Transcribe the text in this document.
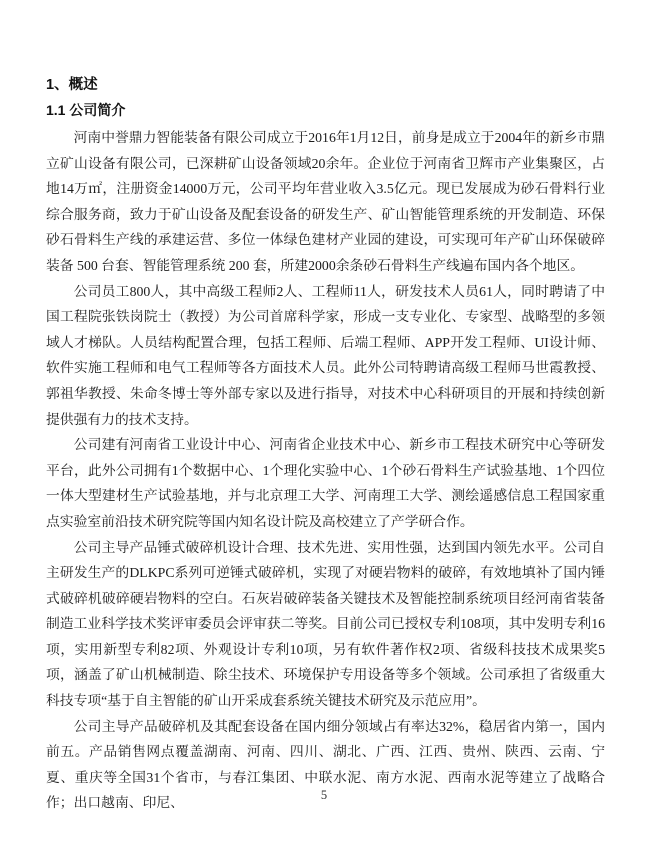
1、概述
1.1 公司简介

河南中誉鼎力智能装备有限公司成立于2016年1月12日，前身是成立于2004年的新乡市鼎立矿山设备有限公司，已深耕矿山设备领域20余年。企业位于河南省卫辉市产业集聚区，占地14万㎡，注册资金14000万元，公司平均年营业收入3.5亿元。现已发展成为砂石骨料行业综合服务商，致力于矿山设备及配套设备的研发生产、矿山智能管理系统的开发制造、环保砂石骨料生产线的承建运营、多位一体绿色建材产业园的建设，可实现可年产矿山环保破碎装备 500 台套、智能管理系统 200 套，所建2000余条砂石骨料生产线遍布国内各个地区。

公司员工800人，其中高级工程师2人、工程师11人，研发技术人员61人，同时聘请了中国工程院张铁岗院士（教授）为公司首席科学家，形成一支专业化、专家型、战略型的多领域人才梯队。人员结构配置合理，包括工程师、后端工程师、APP开发工程师、UI设计师、软件实施工程师和电气工程师等各方面技术人员。此外公司特聘请高级工程师马世霞教授、郭祖华教授、朱命冬博士等外部专家以及进行指导，对技术中心科研项目的开展和持续创新提供强有力的技术支持。

公司建有河南省工业设计中心、河南省企业技术中心、新乡市工程技术研究中心等研发平台，此外公司拥有1个数据中心、1个理化实验中心、1个砂石骨料生产试验基地、1个四位一体大型建材生产试验基地，并与北京理工大学、河南理工大学、测绘遥感信息工程国家重点实验室前沿技术研究院等国内知名设计院及高校建立了产学研合作。

公司主导产品锤式破碎机设计合理、技术先进、实用性强，达到国内领先水平。公司自主研发生产的DLKPC系列可逆锤式破碎机，实现了对硬岩物料的破碎，有效地填补了国内锤式破碎机破碎硬岩物料的空白。石灰岩破碎装备关键技术及智能控制系统项目经河南省装备制造工业科学技术奖评审委员会评审获二等奖。目前公司已授权专利108项，其中发明专利16项，实用新型专利82项、外观设计专利10项，另有软件著作权2项、省级科技技术成果奖5项，涵盖了矿山机械制造、除尘技术、环境保护专用设备等多个领域。公司承担了省级重大科技专项“基于自主智能的矿山开采成套系统关键技术研究及示范应用”。

公司主导产品破碎机及其配套设备在国内细分领域占有率达32%，稳居省内第一，国内前五。产品销售网点覆盖湖南、河南、四川、湖北、广西、江西、贵州、陕西、云南、宁夏、重庆等全国31个省市，与春江集团、中联水泥、南方水泥、西南水泥等建立了战略合作；出口越南、印尼、

5
